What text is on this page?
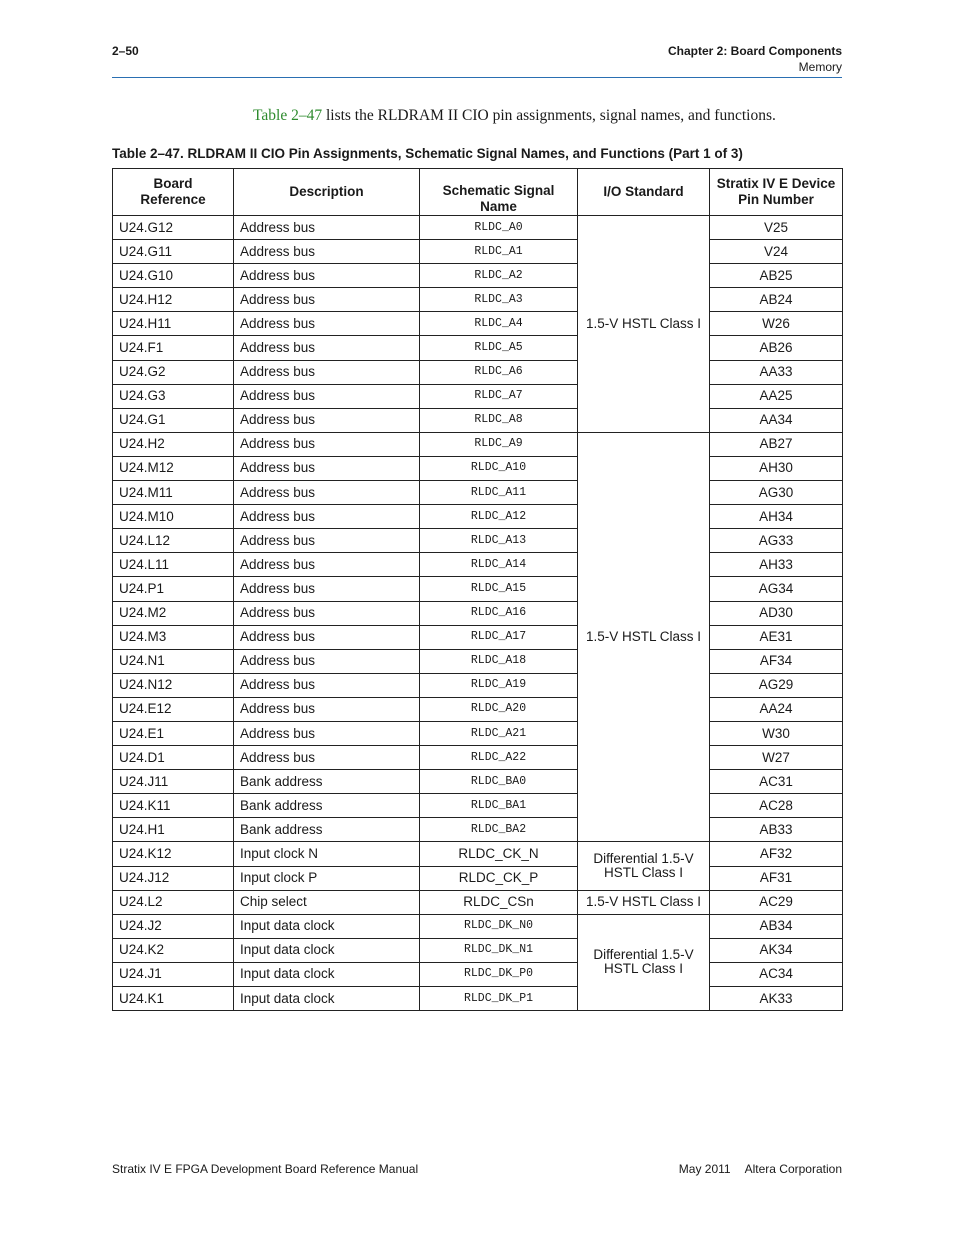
2–50	Chapter 2: Board Components
Memory
Table 2–47 lists the RLDRAM II CIO pin assignments, signal names, and functions.
Table 2–47. RLDRAM II CIO Pin Assignments, Schematic Signal Names, and Functions (Part 1 of 3)
Board Reference	Description	Schematic Signal Name	I/O Standard	Stratix IV E Device Pin Number
U24.G12	Address bus	RLDC_A0	1.5-V HSTL Class I	V25
U24.G11	Address bus	RLDC_A1		V24
U24.G10	Address bus	RLDC_A2		AB25
U24.H12	Address bus	RLDC_A3		AB24
U24.H11	Address bus	RLDC_A4		W26
U24.F1	Address bus	RLDC_A5		AB26
U24.G2	Address bus	RLDC_A6		AA33
U24.G3	Address bus	RLDC_A7		AA25
U24.G1	Address bus	RLDC_A8		AA34
U24.H2	Address bus	RLDC_A9	1.5-V HSTL Class I	AB27
U24.M12	Address bus	RLDC_A10		AH30
U24.M11	Address bus	RLDC_A11		AG30
U24.M10	Address bus	RLDC_A12		AH34
U24.L12	Address bus	RLDC_A13		AG33
U24.L11	Address bus	RLDC_A14		AH33
U24.P1	Address bus	RLDC_A15		AG34
U24.M2	Address bus	RLDC_A16		AD30
U24.M3	Address bus	RLDC_A17		AE31
U24.N1	Address bus	RLDC_A18		AF34
U24.N12	Address bus	RLDC_A19		AG29
U24.E12	Address bus	RLDC_A20		AA24
U24.E1	Address bus	RLDC_A21		W30
U24.D1	Address bus	RLDC_A22		W27
U24.J11	Bank address	RLDC_BA0		AC31
U24.K11	Bank address	RLDC_BA1		AC28
U24.H1	Bank address	RLDC_BA2		AB33
U24.K12	Input clock N	RLDC_CK_N	Differential 1.5-V HSTL Class I	AF32
U24.J12	Input clock P	RLDC_CK_P		AF31
U24.L2	Chip select	RLDC_CSn	1.5-V HSTL Class I	AC29
U24.J2	Input data clock	RLDC_DK_N0	Differential 1.5-V HSTL Class I	AB34
U24.K2	Input data clock	RLDC_DK_N1		AK34
U24.J1	Input data clock	RLDC_DK_P0		AC34
U24.K1	Input data clock	RLDC_DK_P1		AK33
Stratix IV E FPGA Development Board Reference Manual	May 2011 Altera Corporation
